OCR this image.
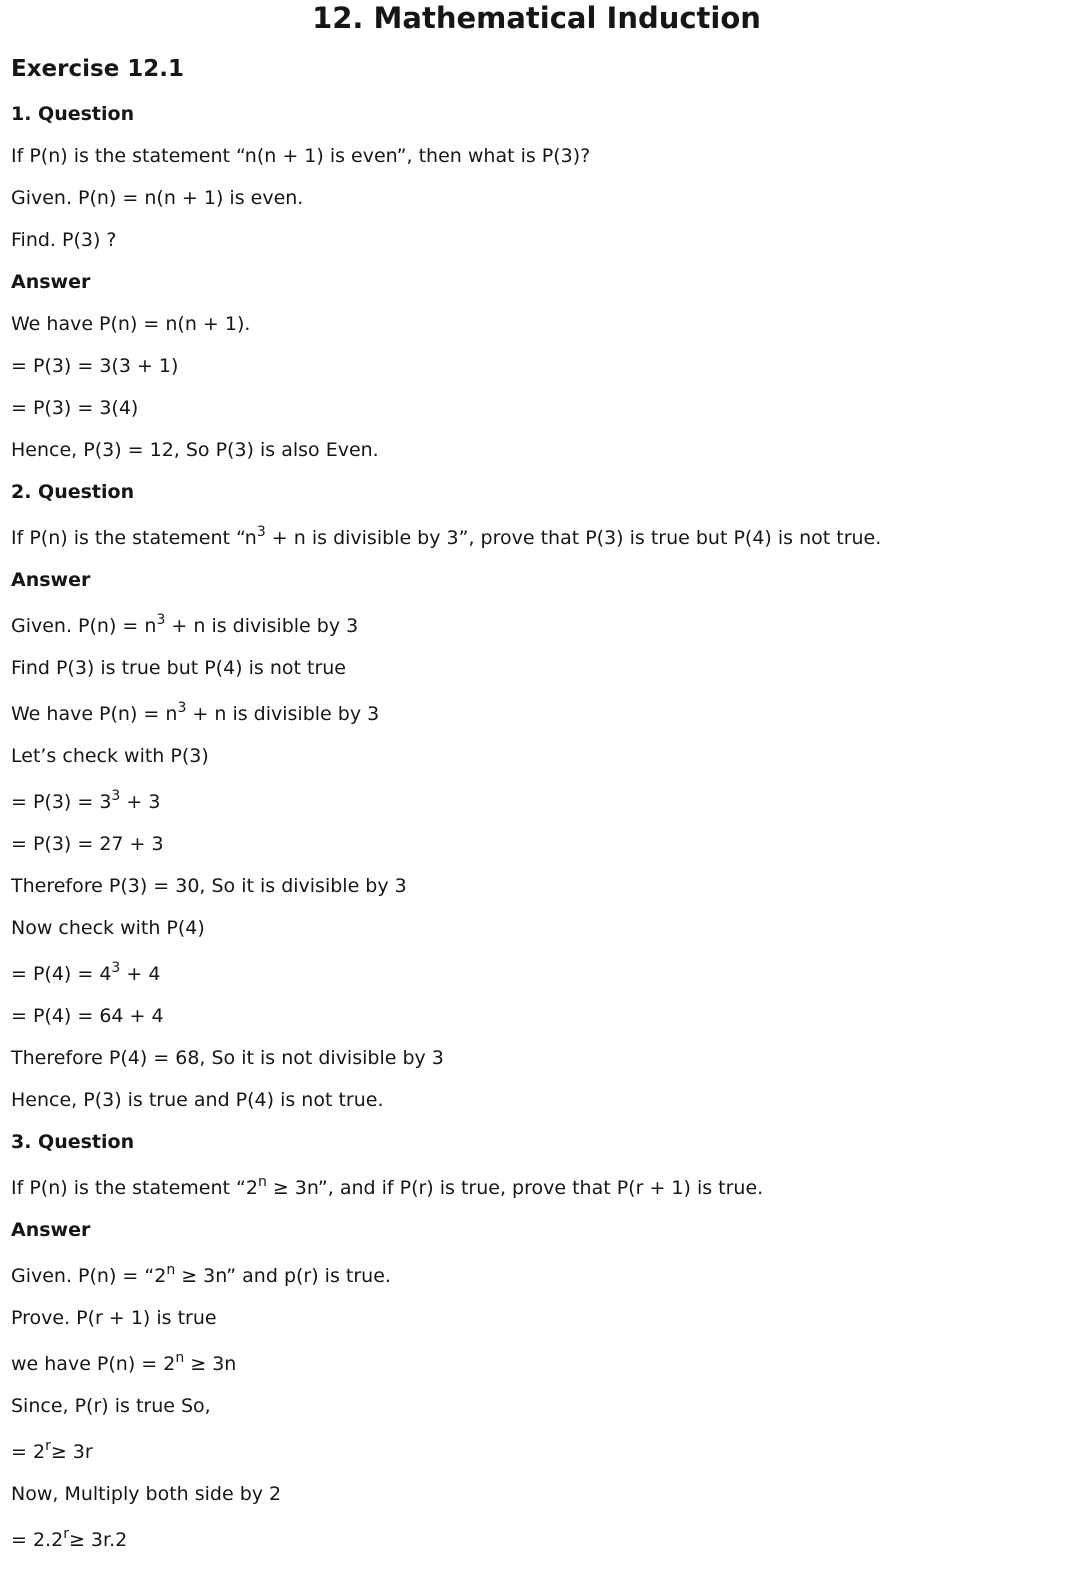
12. Mathematical Induction
Exercise 12.1
1. Question

If P(n) is the statement “n(n + 1) is even”, then what is P(3)?

Given. P(n) = n(n + 1) is even.

Find. P(3) ?

Answer

We have P(n) = n(n + 1).

= P(3) = 3(3 + 1)

= P(3) = 3(4)

Hence, P(3) = 12, So P(3) is also Even.

2. Question

If P(n) is the statement “$n^3 + n$ is divisible by 3”, prove that P(3) is true but P(4) is not true.

Answer

Given. $P(n) = n^3 + n$ is divisible by 3

Find P(3) is true but P(4) is not true

We have $P(n) = n^3 + n$ is divisible by 3

Let’s check with P(3)

= $P(3) = 3^3 + 3$

= P(3) = 27 + 3

Therefore P(3) = 30, So it is divisible by 3

Now check with P(4)

= $P(4) = 4^3 + 4$

= P(4) = 64 + 4

Therefore P(4) = 68, So it is not divisible by 3

Hence, P(3) is true and P(4) is not true.

3. Question

If P(n) is the statement “$2^n \ge 3n$”, and if P(r) is true, prove that P(r + 1) is true.

Answer

Given. $P(n) = “2^n \ge 3n$” and p(r) is true.

Prove. P(r + 1) is true

we have $P(n) = 2^n \ge 3n$

Since, P(r) is true So,

= $2^r\ge 3r$

Now, Multiply both side by 2

= $2.2^r\ge 3r.2$
